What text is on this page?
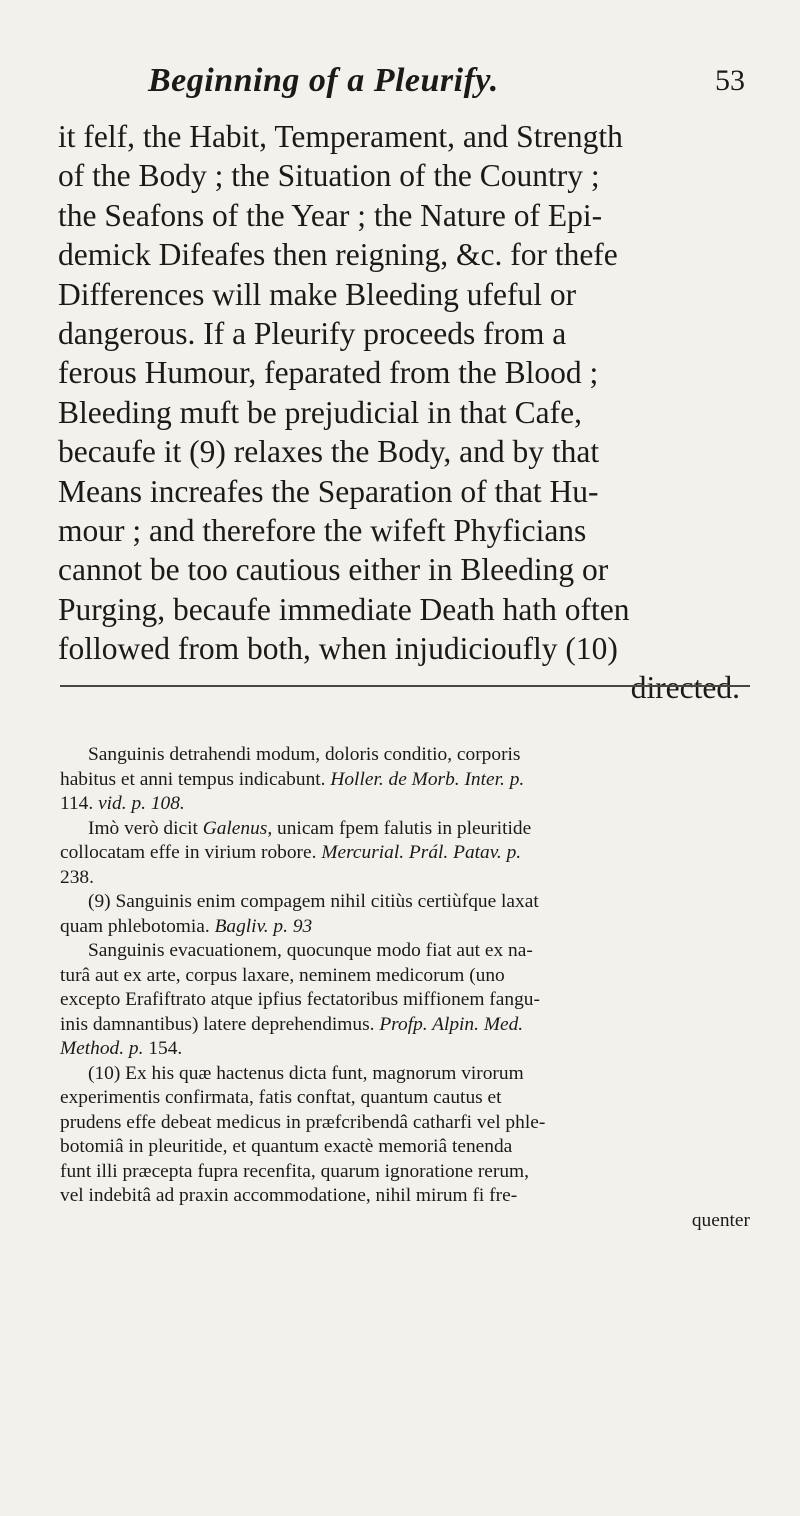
Beginning of a Pleurify.	53
it felf, the Habit, Temperament, and Strength
of the Body ; the Situation of the Country ;
the Seafons of the Year ; the Nature of Epi-
demick Difeafes then reigning, &c. for thefe
Differences will make Bleeding ufeful or
dangerous. If a Pleurify proceeds from a
ferous Humour, feparated from the Blood ;
Bleeding muft be prejudicial in that Cafe,
becaufe it (9) relaxes the Body, and by that
Means increafes the Separation of that Hu-
mour ; and therefore the wifeft Phyficians
cannot be too cautious either in Bleeding or
Purging, becaufe immediate Death hath often
followed from both, when injudicioufly (10)
directed.
Sanguinis detrahendi modum, doloris conditio, corporis
habitus et anni tempus indicabunt. Holler. de Morb. Inter. p.
114. vid. p. 108.
Imò verò dicit Galenus, unicam fpem falutis in pleuritide
collocatam effe in virium robore. Mercurial. Prál. Patav. p.
238.
(9) Sanguinis enim compagem nihil citiùs certiùfque laxat
quam phlebotomia. Bagliv. p. 93
Sanguinis evacuationem, quocunque modo fiat aut ex na-
turâ aut ex arte, corpus laxare, neminem medicorum (uno
excepto Erafiftrato atque ipfius fectatoribus miffionem fangu-
inis damnantibus) latere deprehendimus. Profp. Alpin. Med.
Method. p. 154.
(10) Ex his quæ hactenus dicta funt, magnorum virorum
experimentis confirmata, fatis conftat, quantum cautus et
prudens effe debeat medicus in præfcribendâ catharfi vel phle-
botomiâ in pleuritide, et quantum exactè memoriâ tenenda
funt illi præcepta fupra recenfita, quarum ignoratione rerum,
vel indebitâ ad praxin accommodatione, nihil mirum fi fre-
quenter
